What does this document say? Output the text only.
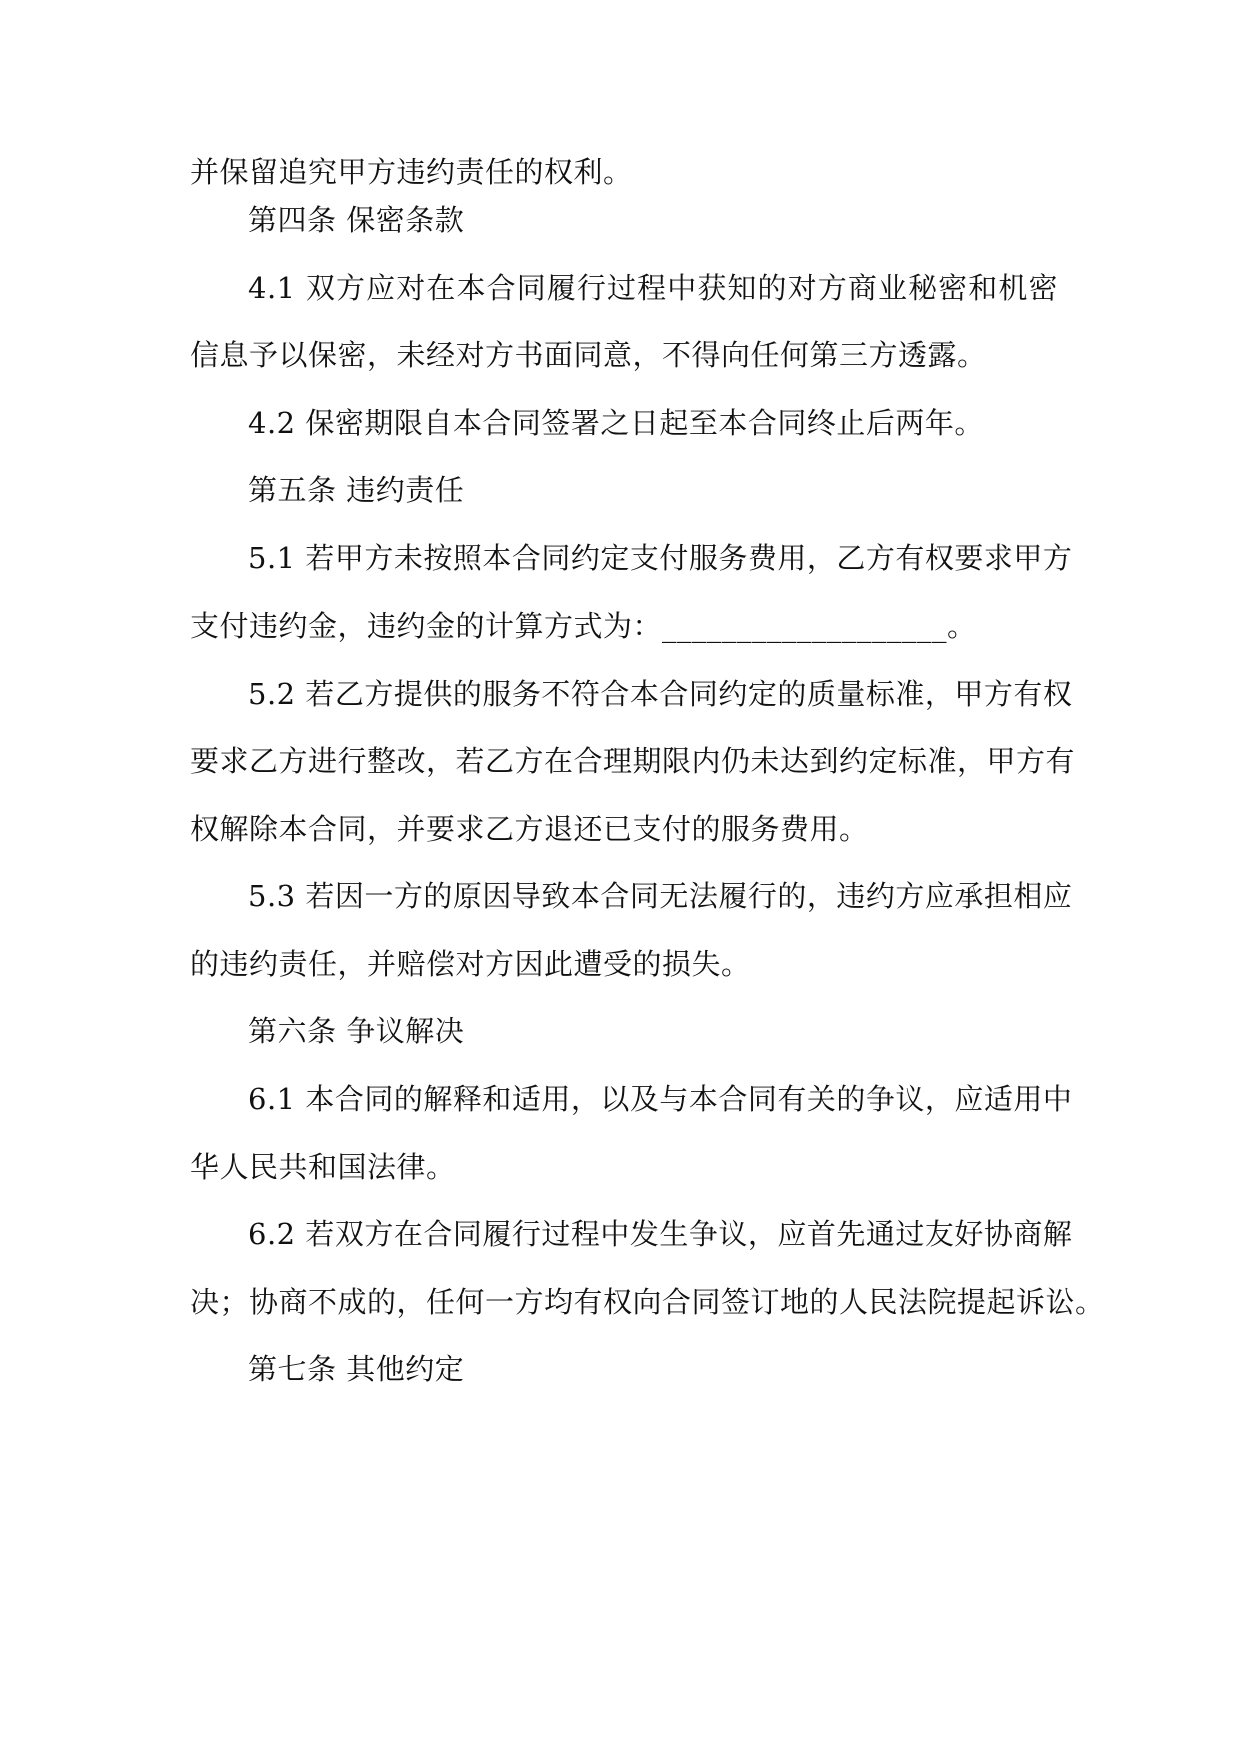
并保留追究甲方违约责任的权利。
第四条 保密条款
4.1 双方应对在本合同履行过程中获知的对方商业秘密和机密
信息予以保密，未经对方书面同意，不得向任何第三方透露。
4.2 保密期限自本合同签署之日起至本合同终止后两年。
第五条 违约责任
5.1 若甲方未按照本合同约定支付服务费用，乙方有权要求甲方
支付违约金，违约金的计算方式为：___________________。
5.2 若乙方提供的服务不符合本合同约定的质量标准，甲方有权
要求乙方进行整改，若乙方在合理期限内仍未达到约定标准，甲方有
权解除本合同，并要求乙方退还已支付的服务费用。
5.3 若因一方的原因导致本合同无法履行的，违约方应承担相应
的违约责任，并赔偿对方因此遭受的损失。
第六条 争议解决
6.1 本合同的解释和适用，以及与本合同有关的争议，应适用中
华人民共和国法律。
6.2 若双方在合同履行过程中发生争议，应首先通过友好协商解
决；协商不成的，任何一方均有权向合同签订地的人民法院提起诉讼。
第七条 其他约定
